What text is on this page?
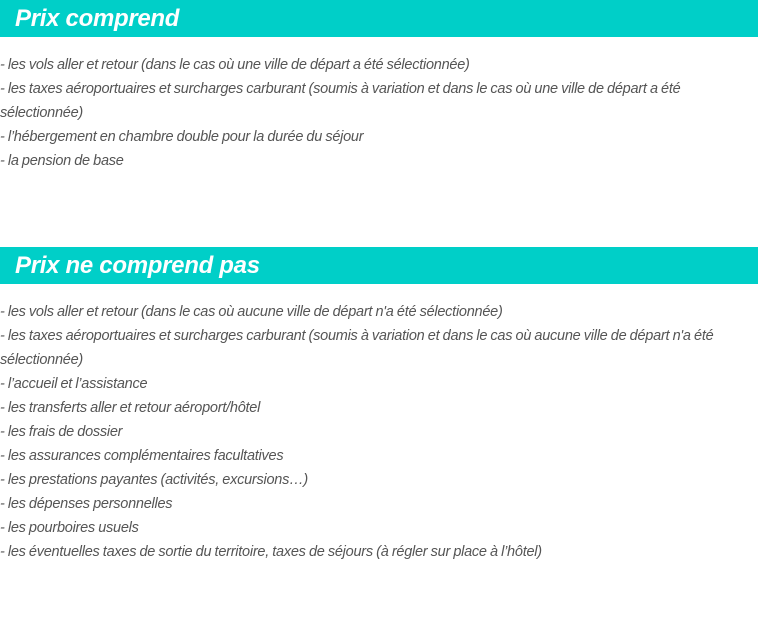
Prix comprend
- les vols aller et retour (dans le cas où une ville de départ a été sélectionnée)
- les taxes aéroportuaires et surcharges carburant (soumis à variation et dans le cas où une ville de départ a été sélectionnée)
- l’hébergement en chambre double pour la durée du séjour
- la pension de base
Prix ne comprend pas
- les vols aller et retour (dans le cas où aucune ville de départ n'a été sélectionnée)
- les taxes aéroportuaires et surcharges carburant (soumis à variation et dans le cas où aucune ville de départ n'a été sélectionnée)
- l’accueil et l’assistance
- les transferts aller et retour aéroport/hôtel
- les frais de dossier
- les assurances complémentaires facultatives
- les prestations payantes (activités, excursions…)
- les dépenses personnelles
- les pourboires usuels
- les éventuelles taxes de sortie du territoire, taxes de séjours (à régler sur place à l’hôtel)
